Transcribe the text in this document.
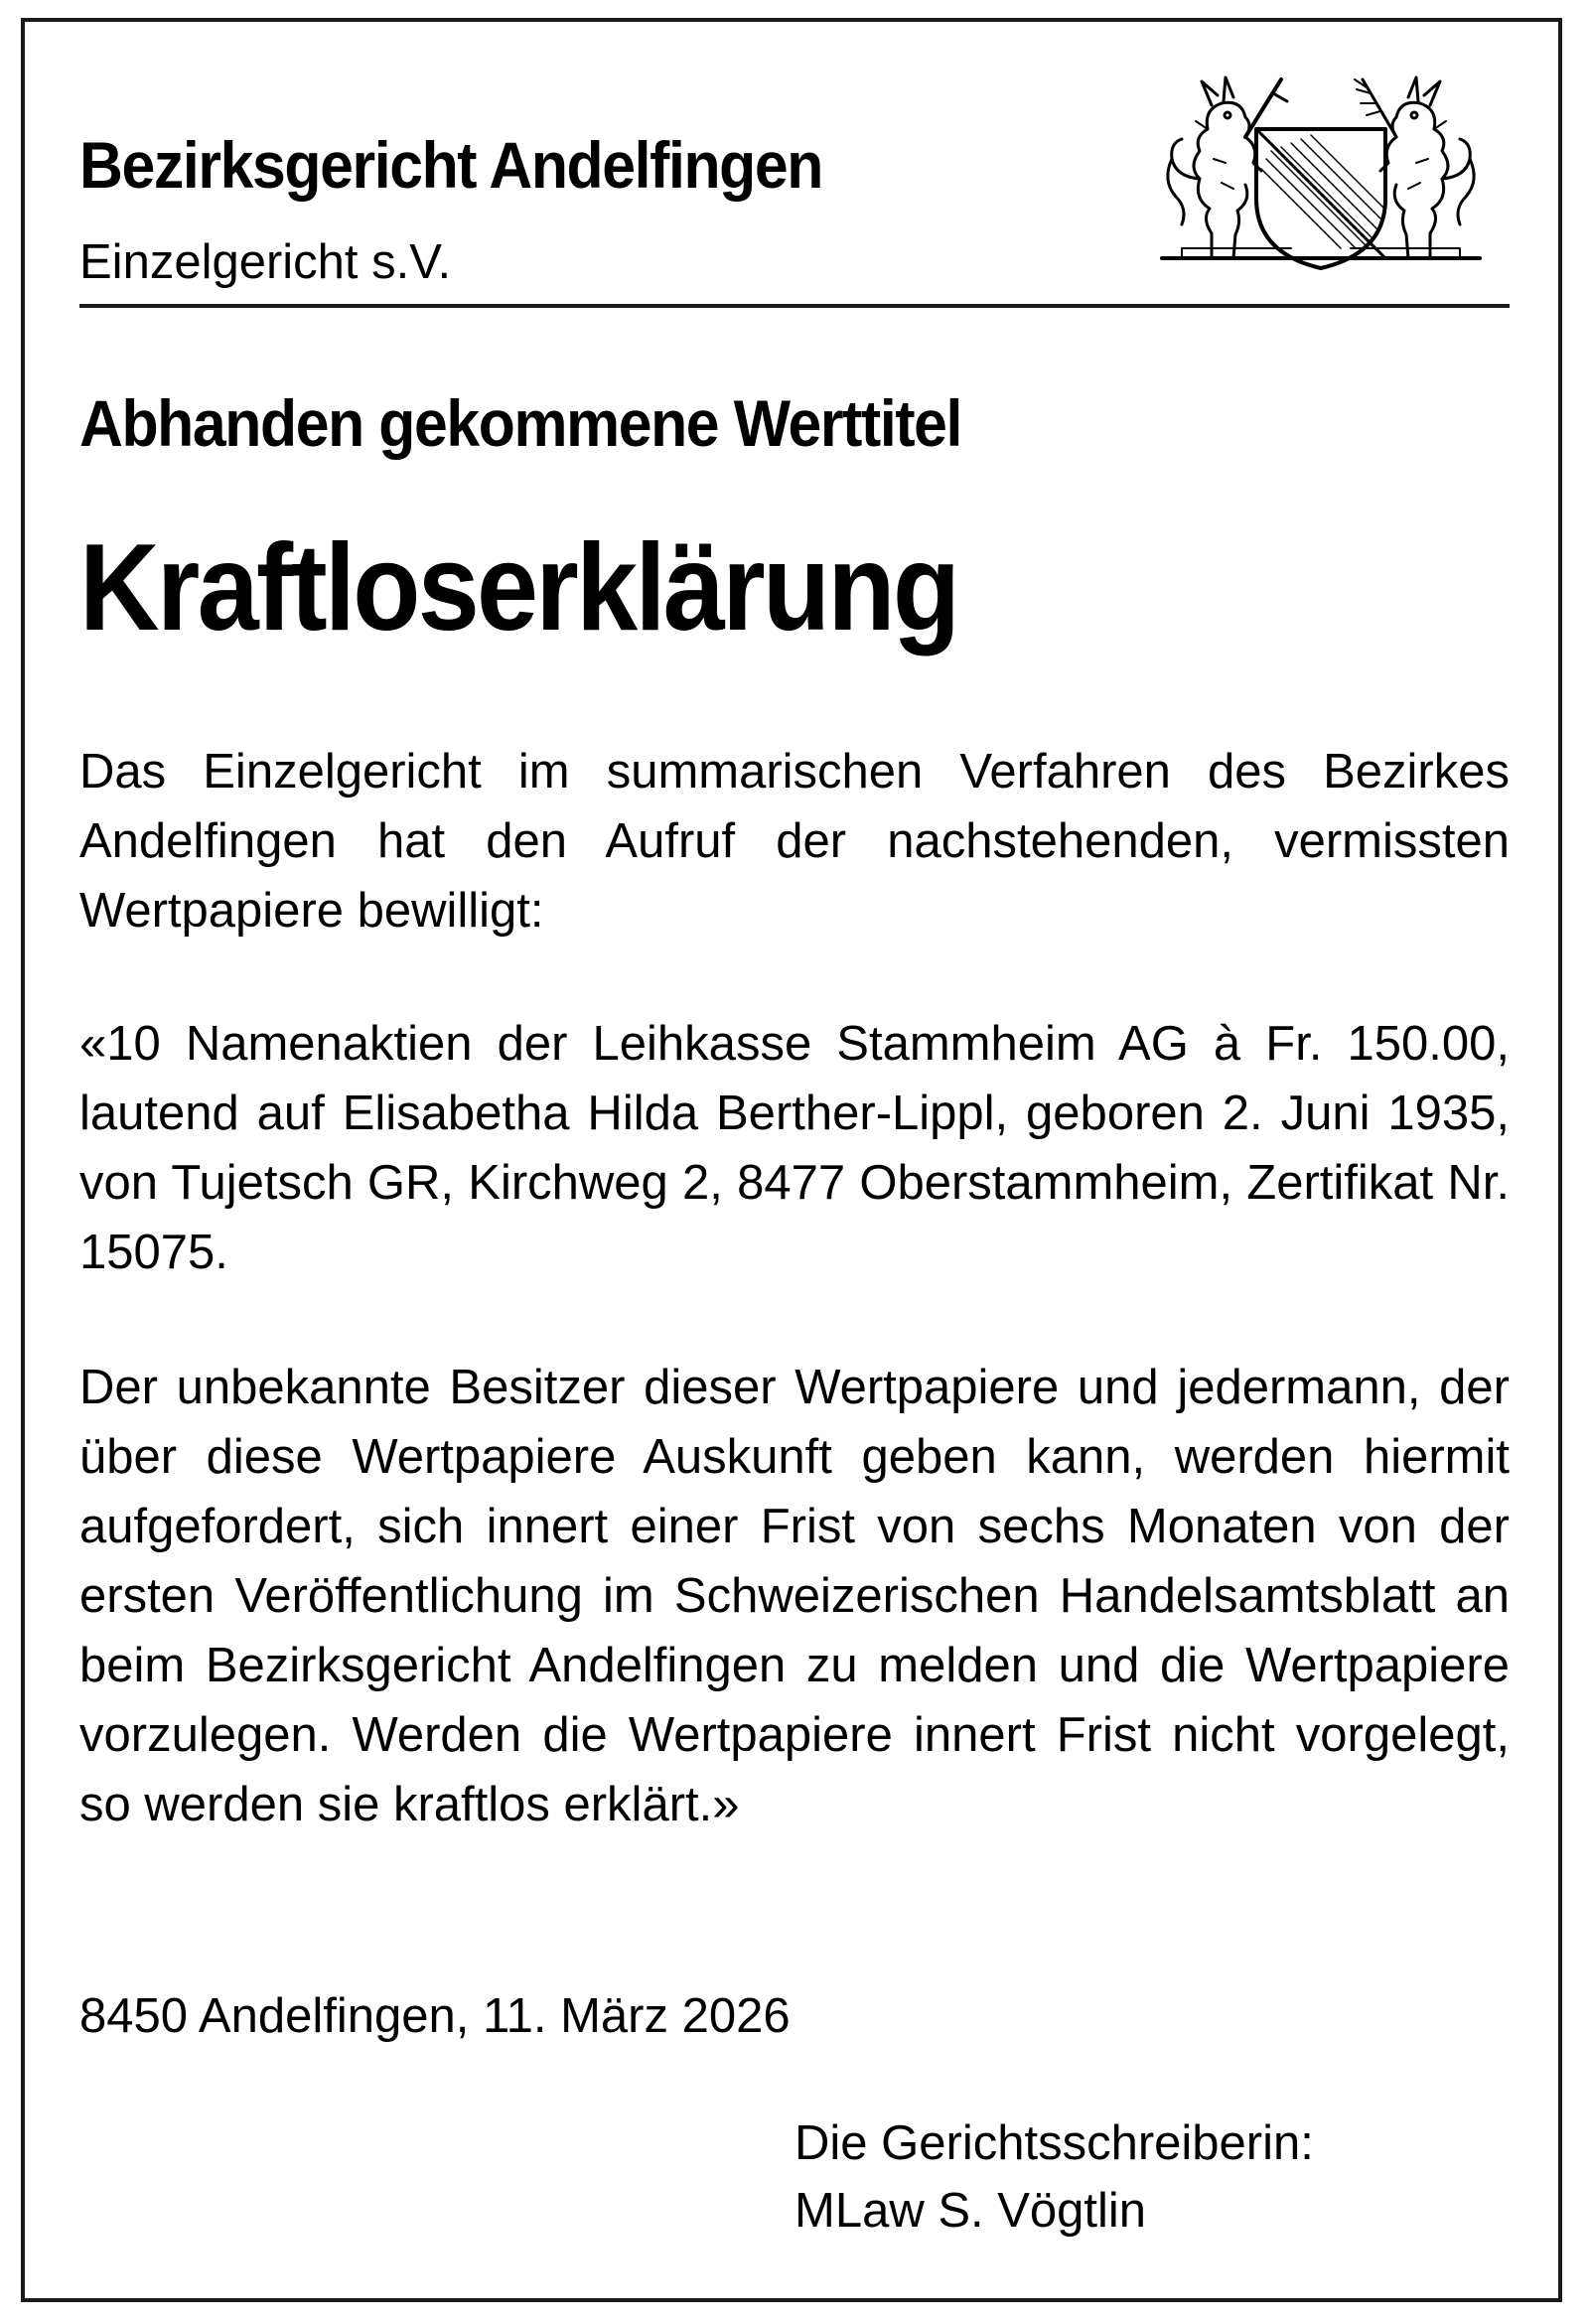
Bezirksgericht Andelfingen
Einzelgericht s.V.
Abhanden gekommene Werttitel
Kraftloserklärung
Das Einzelgericht im summarischen Verfahren des Bezirkes Andelfingen hat den Aufruf der nachstehenden, vermissten Wertpapiere bewilligt:
«10 Namenaktien der Leihkasse Stammheim AG à Fr. 150.00, lautend auf Elisabetha Hilda Berther-Lippl, geboren 2. Juni 1935, von Tujetsch GR, Kirchweg 2, 8477 Oberstammheim, Zertifikat Nr. 15075.
Der unbekannte Besitzer dieser Wertpapiere und jedermann, der über diese Wertpapiere Auskunft geben kann, werden hiermit aufgefordert, sich innert einer Frist von sechs Monaten von der ersten Veröffentlichung im Schweizerischen Handelsamtsblatt an beim Bezirksgericht Andelfingen zu melden und die Wertpapiere vorzulegen. Werden die Wertpapiere innert Frist nicht vorgelegt, so werden sie kraftlos erklärt.»
8450 Andelfingen, 11. März 2026
Die Gerichtsschreiberin:
MLaw S. Vögtlin
